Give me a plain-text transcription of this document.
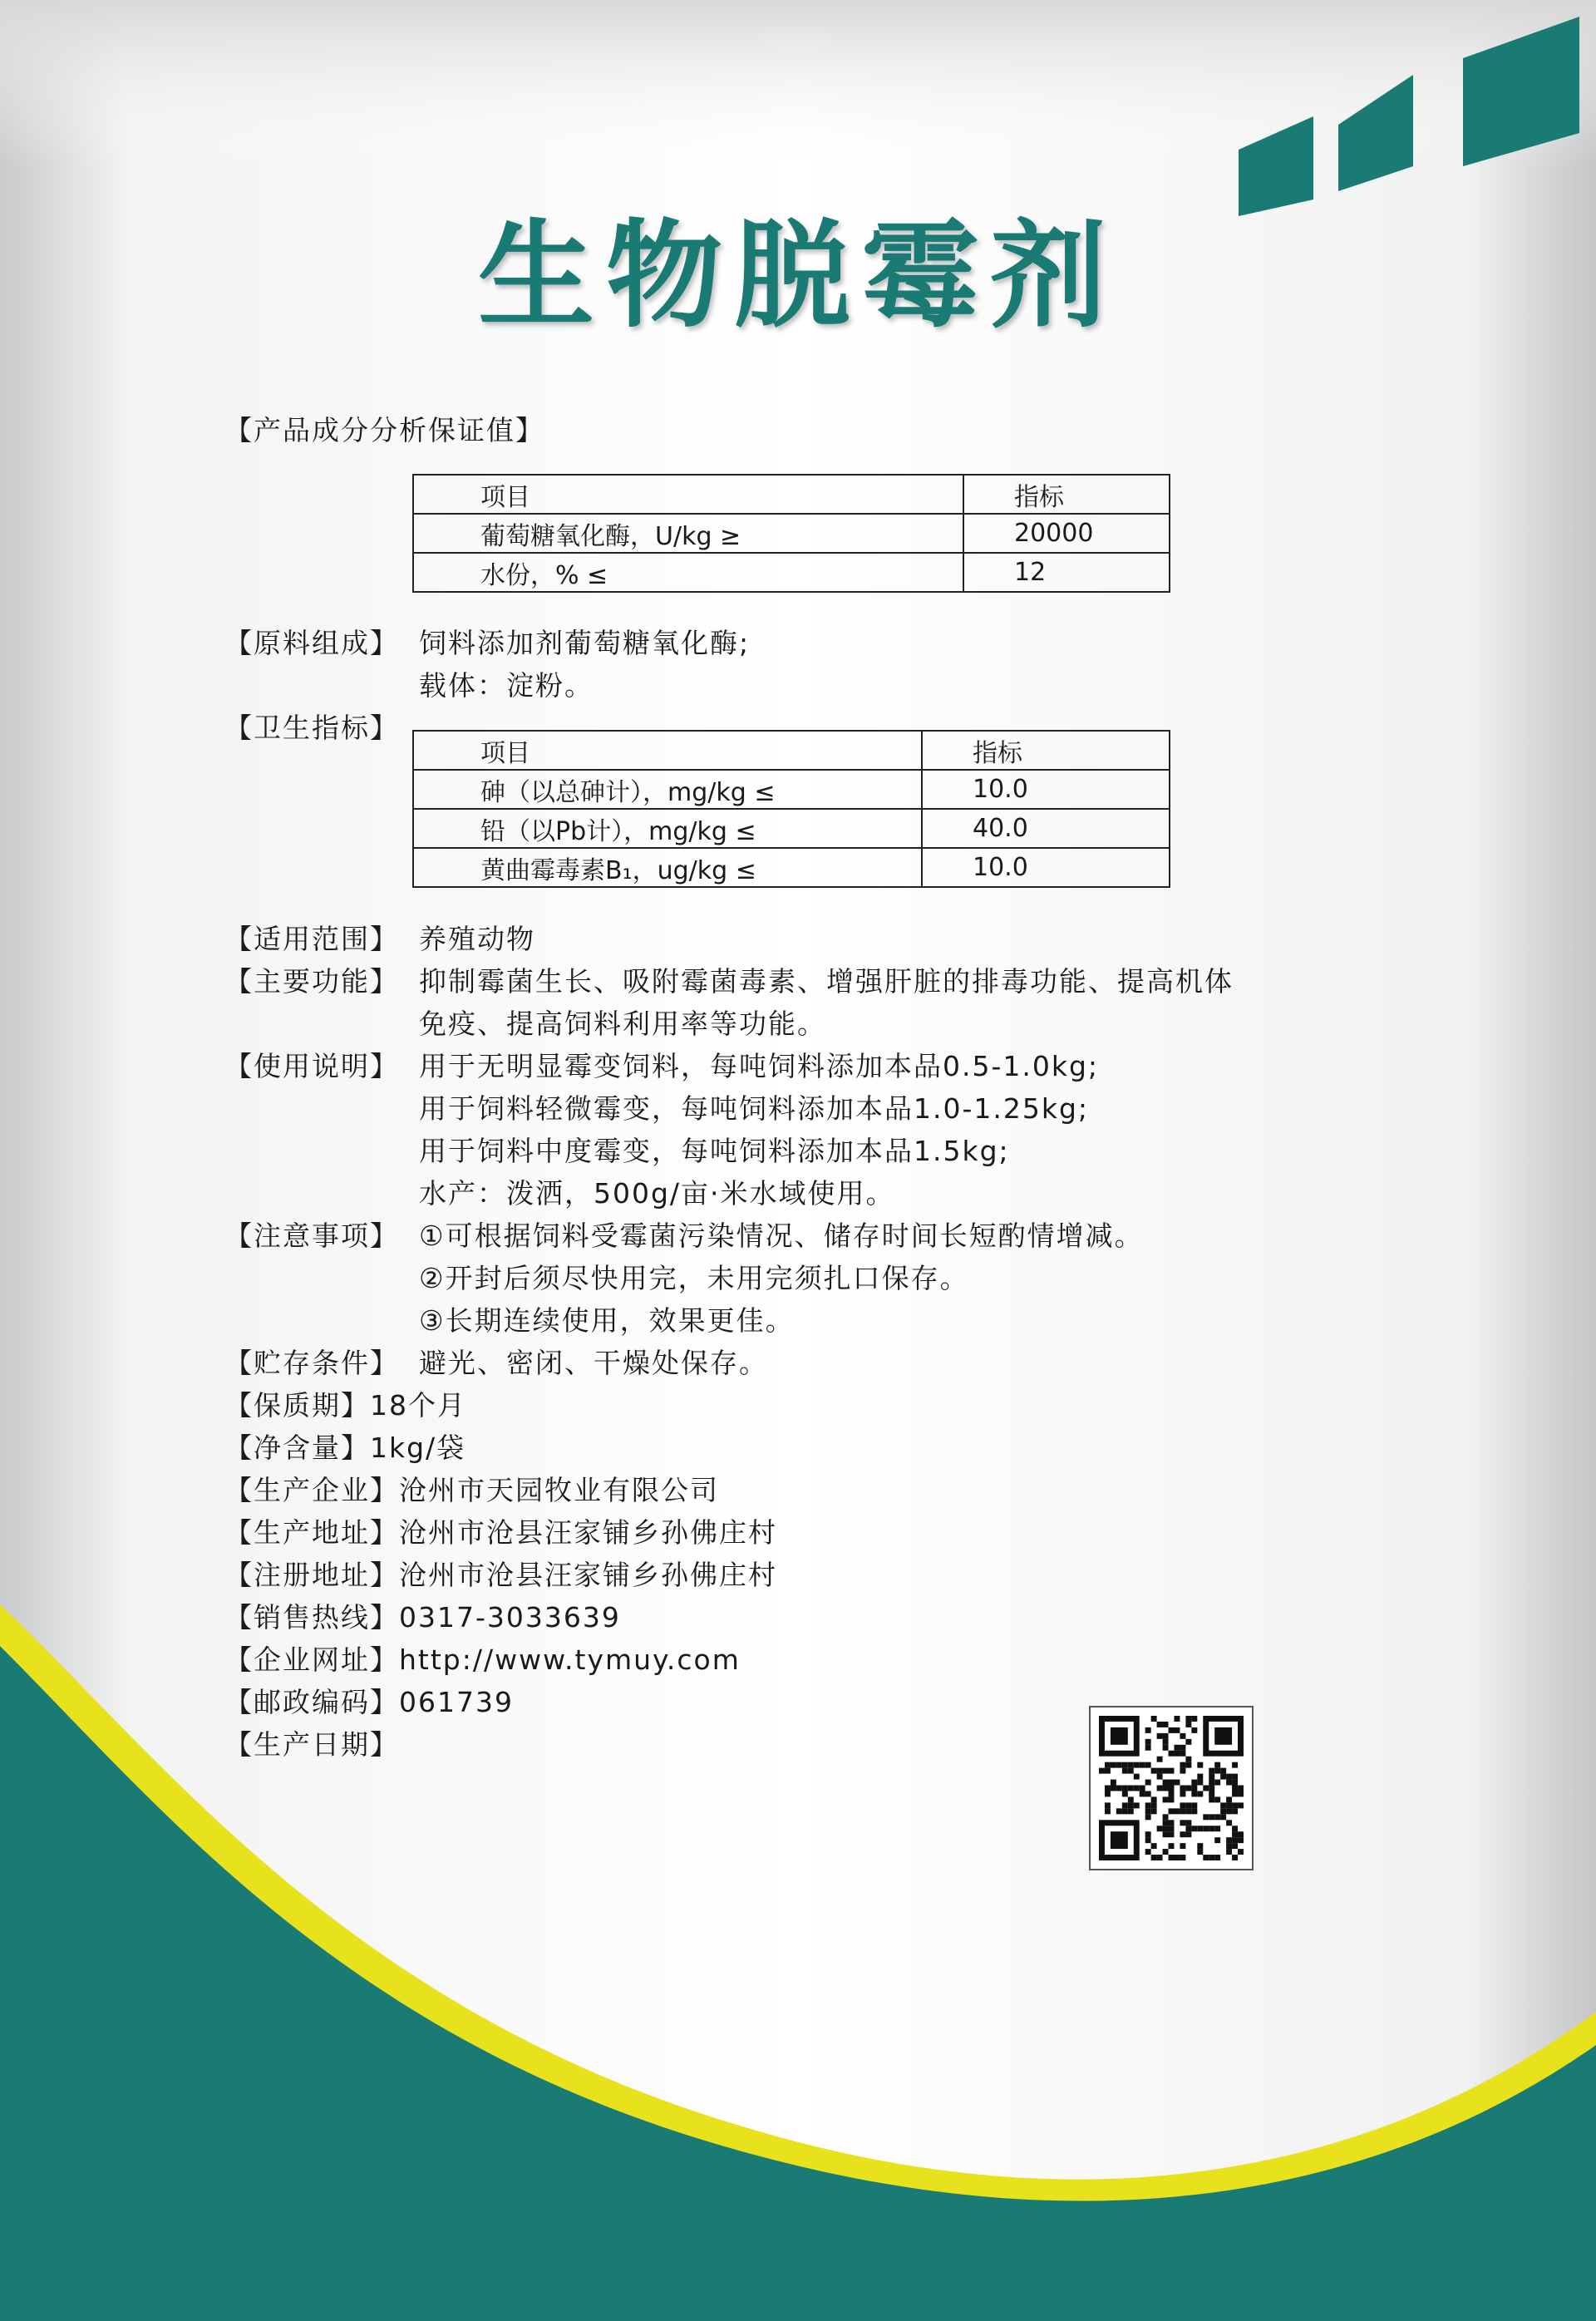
生物脱霉剂
【产品成分分析保证值】
项目	指标
葡萄糖氧化酶，U/kg ≥	20000
水份，% ≤	12
【原料组成】 饲料添加剂葡萄糖氧化酶;
载体：淀粉。
【卫生指标】
项目	指标
砷（以总砷计），mg/kg ≤	10.0
铅（以Pb计），mg/kg ≤	40.0
黄曲霉毒素B₁，ug/kg ≤	10.0
【适用范围】 养殖动物
【主要功能】 抑制霉菌生长、吸附霉菌毒素、增强肝脏的排毒功能、提高机体
免疫、提高饲料利用率等功能。
【使用说明】 用于无明显霉变饲料，每吨饲料添加本品0.5-1.0kg;
用于饲料轻微霉变，每吨饲料添加本品1.0-1.25kg;
用于饲料中度霉变，每吨饲料添加本品1.5kg;
水产：泼洒，500g/亩·米水域使用。
【注意事项】 ①可根据饲料受霉菌污染情况、储存时间长短酌情增减。
②开封后须尽快用完，未用完须扎口保存。
③长期连续使用，效果更佳。
【贮存条件】 避光、密闭、干燥处保存。
【保质期】 18个月
【净含量】 1kg/袋
【生产企业】 沧州市天园牧业有限公司
【生产地址】 沧州市沧县汪家铺乡孙佛庄村
【注册地址】 沧州市沧县汪家铺乡孙佛庄村
【销售热线】 0317-3033639
【企业网址】 http://www.tymuy.com
【邮政编码】 061739
【生产日期】
